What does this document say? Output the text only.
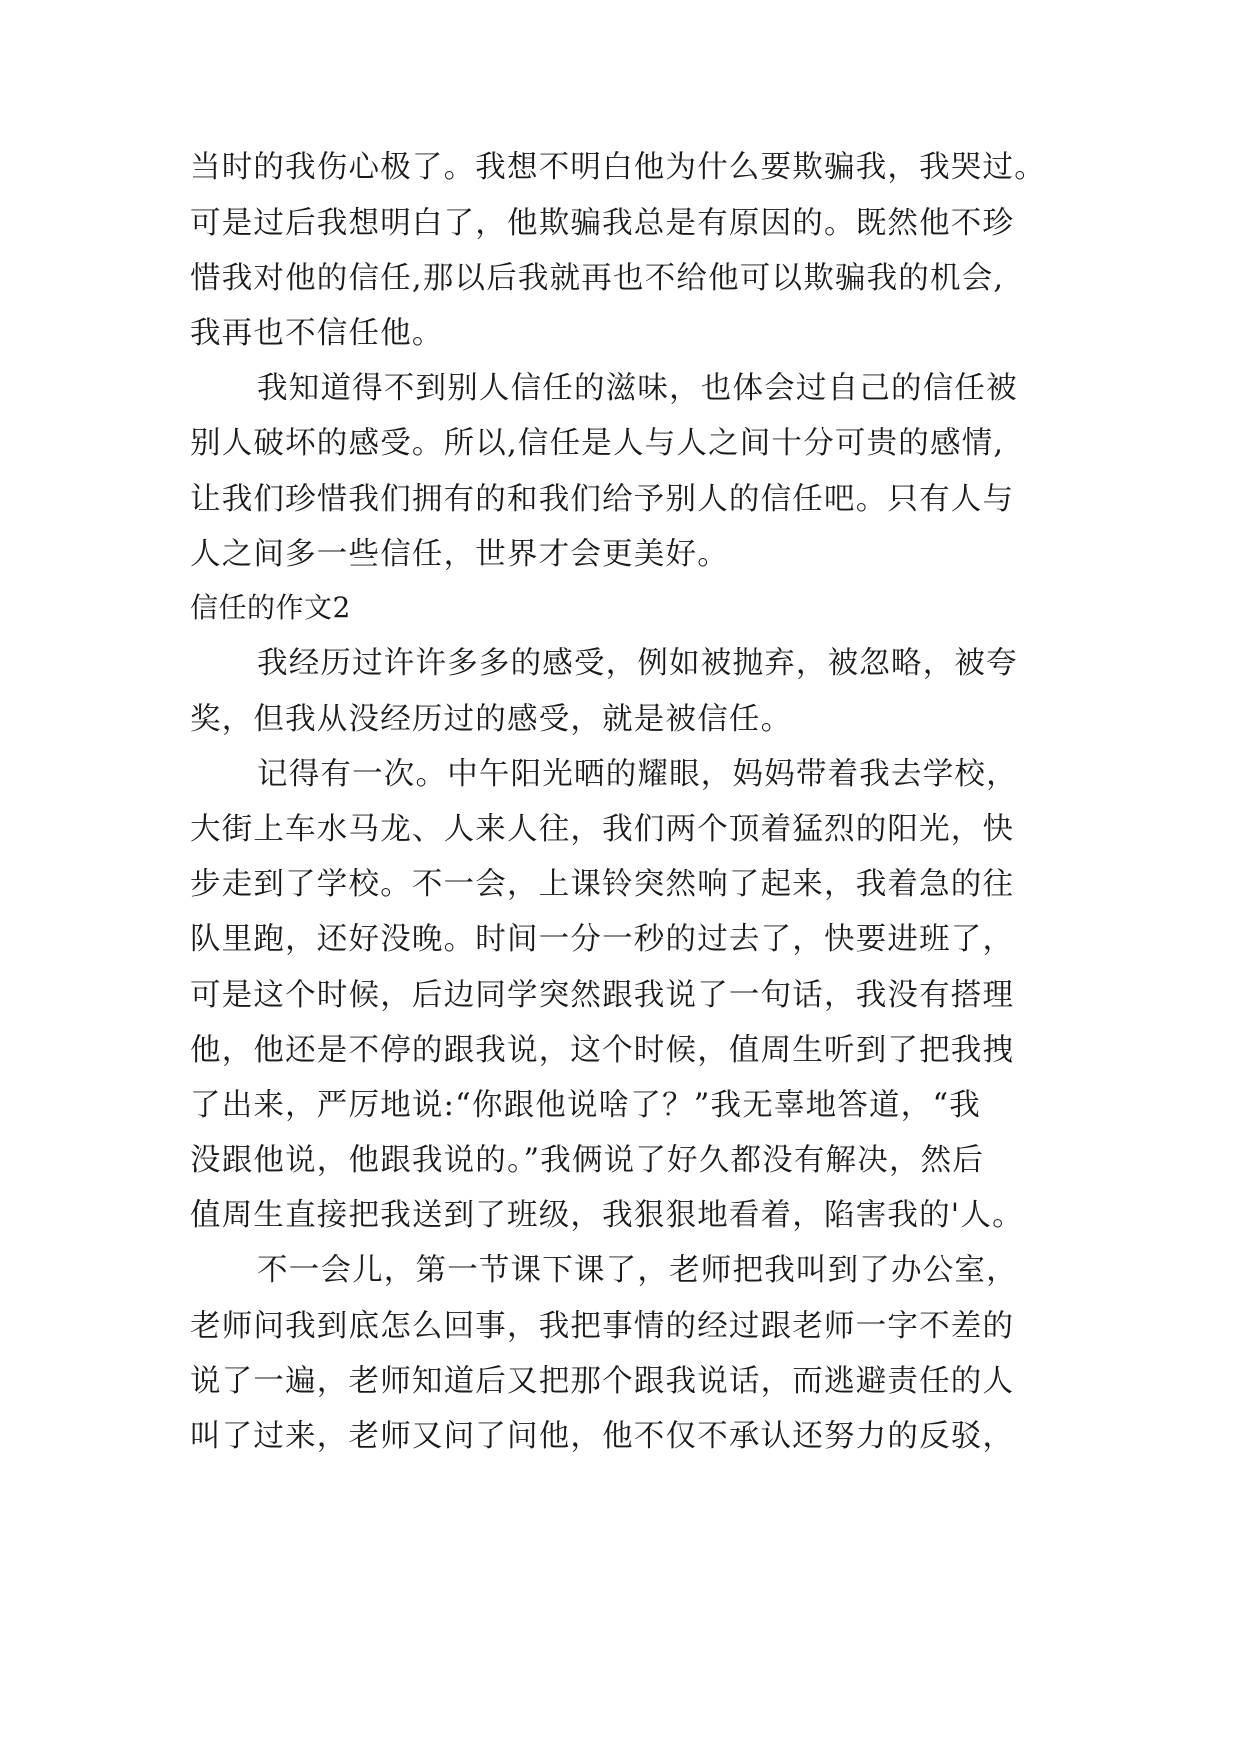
当时的我伤心极了。我想不明白他为什么要欺骗我，我哭过。
可是过后我想明白了，他欺骗我总是有原因的。既然他不珍
惜我对他的信任,那以后我就再也不给他可以欺骗我的机会,
我再也不信任他。
我知道得不到别人信任的滋味，也体会过自己的信任被
别人破坏的感受。所以,信任是人与人之间十分可贵的感情,
让我们珍惜我们拥有的和我们给予别人的信任吧。只有人与
人之间多一些信任，世界才会更美好。
信任的作文2
我经历过许许多多的感受，例如被抛弃，被忽略，被夸
奖，但我从没经历过的感受，就是被信任。
记得有一次。中午阳光晒的耀眼，妈妈带着我去学校，
大街上车水马龙、人来人往，我们两个顶着猛烈的阳光，快
步走到了学校。不一会，上课铃突然响了起来，我着急的往
队里跑，还好没晚。时间一分一秒的过去了，快要进班了，
可是这个时候，后边同学突然跟我说了一句话，我没有搭理
他，他还是不停的跟我说，这个时候，值周生听到了把我拽
了出来，严厉地说:“你跟他说啥了？”我无辜地答道，“我
没跟他说，他跟我说的。”我俩说了好久都没有解决，然后
值周生直接把我送到了班级，我狠狠地看着，陷害我的'人。
不一会儿，第一节课下课了，老师把我叫到了办公室，
老师问我到底怎么回事，我把事情的经过跟老师一字不差的
说了一遍，老师知道后又把那个跟我说话，而逃避责任的人
叫了过来，老师又问了问他，他不仅不承认还努力的反驳，
